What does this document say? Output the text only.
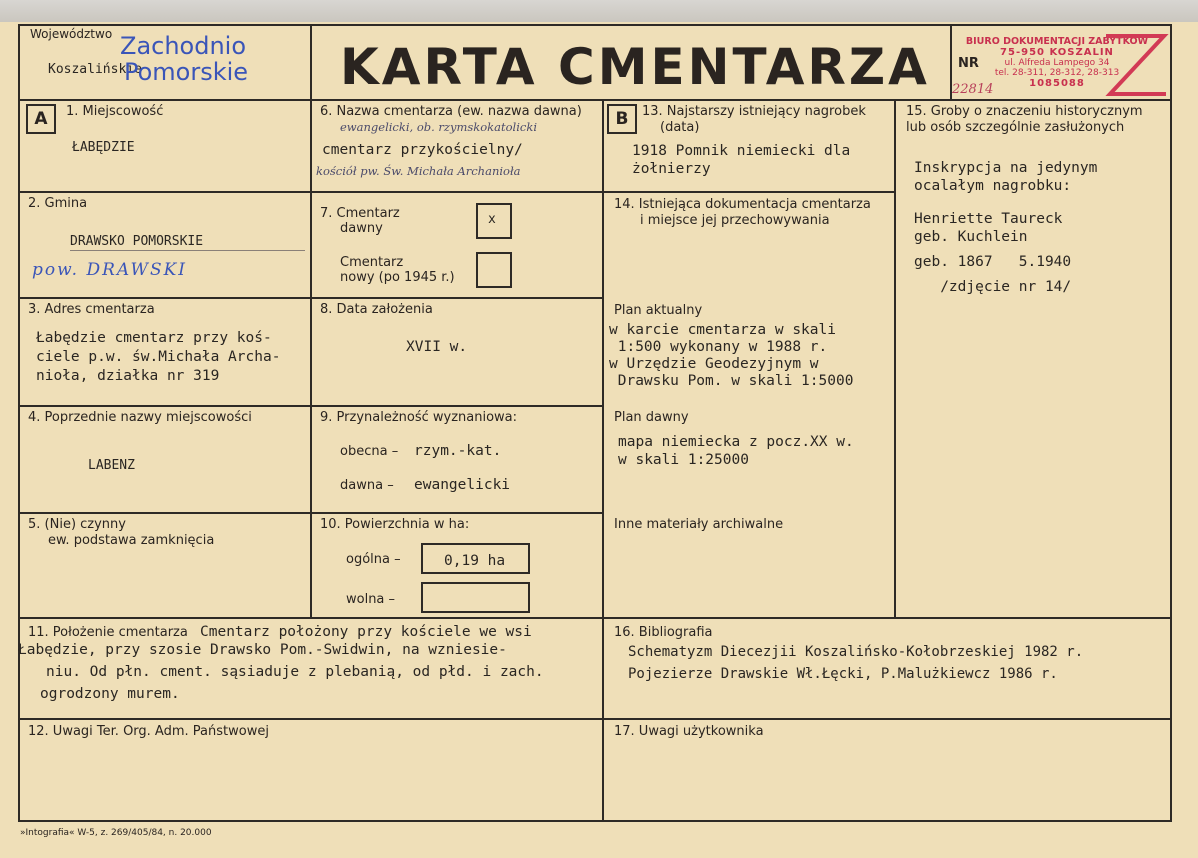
Województwo
Koszalińskie
Zachodnio
Pomorskie KARTA CMENTARZA NR
BIURO DOKUMENTACJI ZABYTKÓW
75-950 KOSZALIN
ul. Alfreda Lampego 34
tel. 28-311, 28-312, 28-313
1085088
22814
A	1. Miejscowość
ŁABĘDZIE
2. Gmina
DRAWSKO POMORSKIE
pow. DRAWSKI
3. Adres cmentarza
Łabędzie cmentarz przy koś-
ciele p.w. św.Michała Archa-
nioła, działka nr 319
4. Poprzednie nazwy miejscowości
LABENZ
5. (Nie) czynny
ew. podstawa zamknięcia
6. Nazwa cmentarza (ew. nazwa dawna)
ewangelicki, ob. rzymskokatolicki
cmentarz przykościelny/
kościół pw. Św. Michała Archanioła
7. Cmentarz
dawny
x
Cmentarz
nowy (po 1945 r.)
8. Data założenia
XVII w.
9. Przynależność wyznaniowa:
obecna – rzym.-kat.
dawna – ewangelicki
10. Powierzchnia w ha:
ogólna –	0,19 ha
wolna –
B	13. Najstarszy istniejący nagrobek
(data)
1918 Pomnik niemiecki dla
żołnierzy
14. Istniejąca dokumentacja cmentarza
i miejsce jej przechowywania
Plan aktualny
w karcie cmentarza w skali
1:500 wykonany w 1988 r.
w Urzędzie Geodezyjnym w
Drawsku Pom. w skali 1:5000
Plan dawny
mapa niemiecka z pocz.XX w.
w skali 1:25000
Inne materiały archiwalne
15. Groby o znaczeniu historycznym
lub osób szczególnie zasłużonych
Inskrypcja na jedynym
ocalałym nagrobku:
Henriette Taureck
geb. Kuchlein
geb. 1867   5.1940
/zdjęcie nr 14/
11. Położenie cmentarza Cmentarz położony przy kościele we wsi
Łabędzie, przy szosie Drawsko Pom.-Swidwin, na wzniesie-
niu. Od płn. cment. sąsiaduje z plebanią, od płd. i zach.
ogrodzony murem.
16. Bibliografia
Schematyzm Diecezjii Koszalińsko-Kołobrzeskiej 1982 r.
Pojezierze Drawskie Wł.Łęcki, P.Malużkiewcz 1986 r.
12. Uwagi Ter. Org. Adm. Państwowej	17. Uwagi użytkownika
»Intografia« W-5, z. 269/405/84, n. 20.000
